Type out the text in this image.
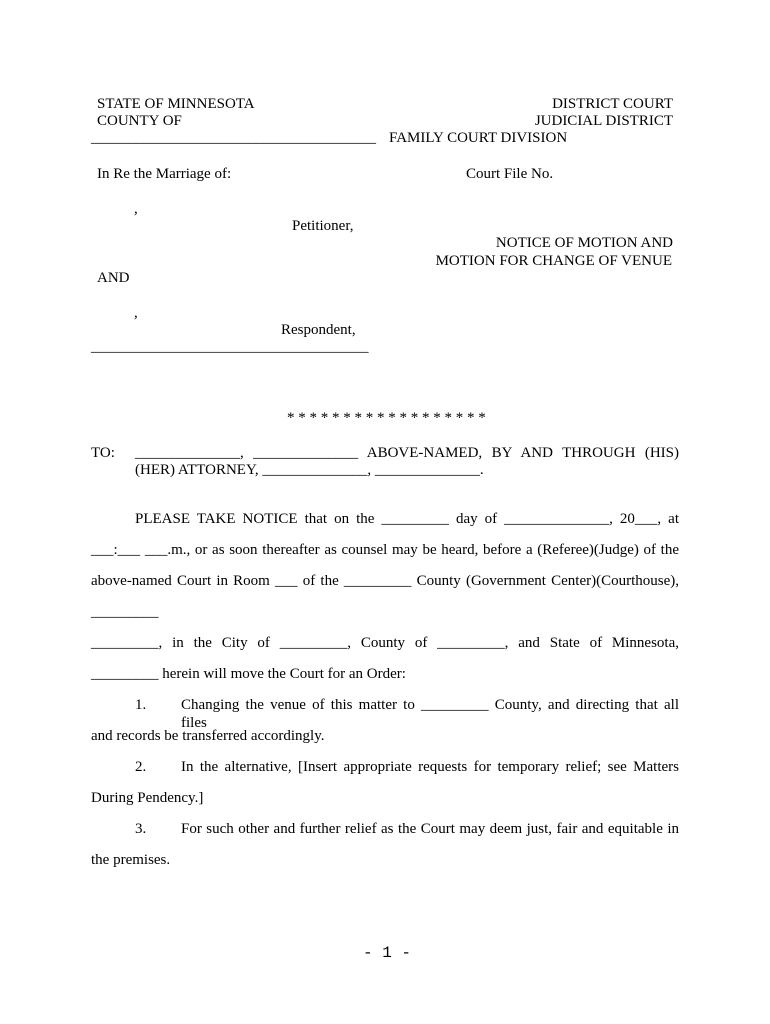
STATE OF MINNESOTA
COUNTY OF
DISTRICT COURT
JUDICIAL DISTRICT
______________________________________ FAMILY COURT DIVISION
In Re the Marriage of:	Court File No.
,
Petitioner,
NOTICE OF MOTION AND
MOTION FOR CHANGE OF VENUE
AND
,
Respondent,
_____________________________________
* * * * * * * * * * * * * * * * * *
TO: ______________, ______________ ABOVE-NAMED, BY AND THROUGH (HIS)
(HER) ATTORNEY, ______________, ______________.
PLEASE TAKE NOTICE that on the _________ day of ______________, 20___, at
___:___ ___.m., or as soon thereafter as counsel may be heard, before a (Referee)(Judge) of the
above-named Court in Room ___ of the _________ County (Government Center)(Courthouse),
_________
_________, in the City of _________, County of _________, and State of Minnesota,
_________ herein will move the Court for an Order:
1. Changing the venue of this matter to _________ County, and directing that all files
and records be transferred accordingly.
2. In the alternative, [Insert appropriate requests for temporary relief; see Matters
During Pendency.]
3. For such other and further relief as the Court may deem just, fair and equitable in
the premises.
- 1 -
